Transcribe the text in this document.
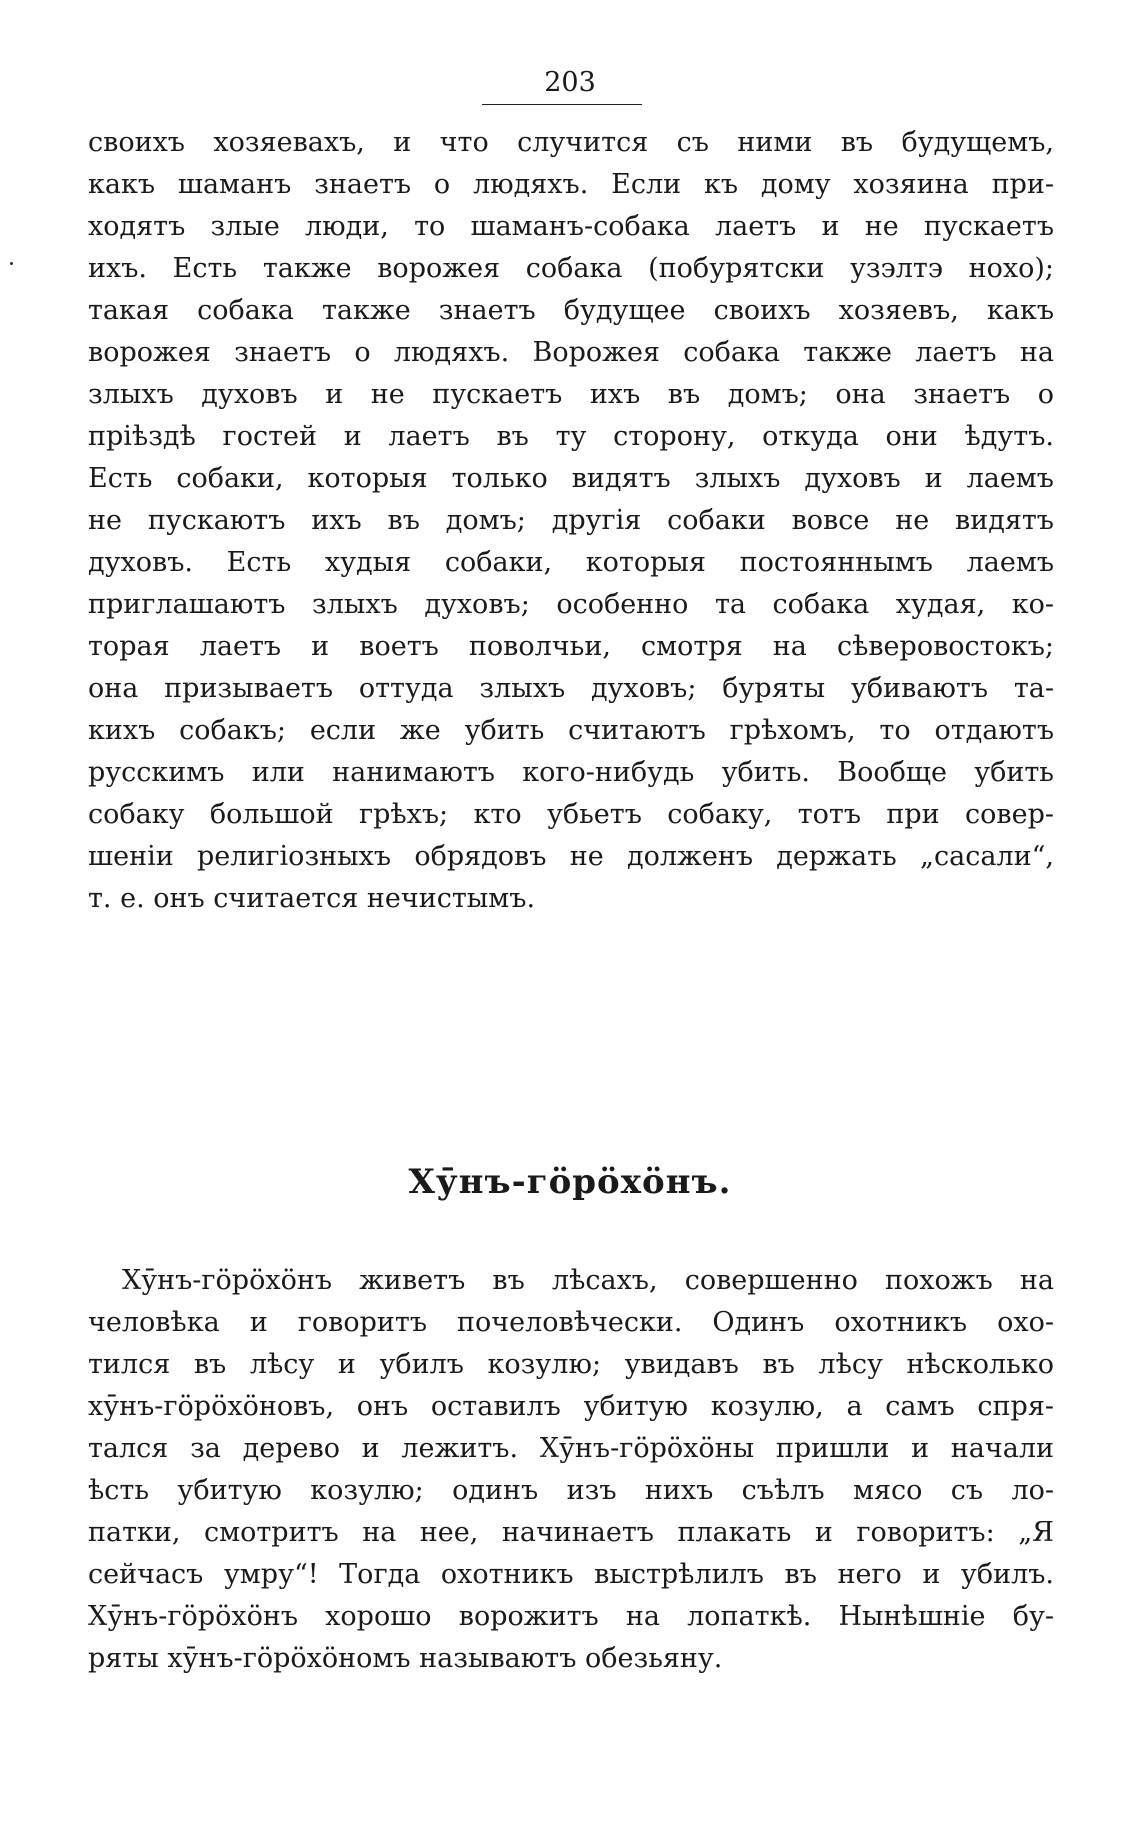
203
своихъ хозяевахъ, и что случится съ ними въ будущемъ,
какъ шаманъ знаетъ о людяхъ. Если къ дому хозяина при-
ходятъ злые люди, то шаманъ-собака лаетъ и не пускаетъ
ихъ. Есть также ворожея собака (побурятски узэлтэ нохо);
такая собака также знаетъ будущее своихъ хозяевъ, какъ
ворожея знаетъ о людяхъ. Ворожея собака также лаетъ на
злыхъ духовъ и не пускаетъ ихъ въ домъ; она знаетъ о
прiѣздѣ гостей и лаетъ въ ту сторону, откуда они ѣдутъ.
Есть собаки, которыя только видятъ злыхъ духовъ и лаемъ
не пускаютъ ихъ въ домъ; другiя собаки вовсе не видятъ
духовъ. Есть худыя собаки, которыя постояннымъ лаемъ
приглашаютъ злыхъ духовъ; особенно та собака худая, ко-
торая лаетъ и воетъ поволчьи, смотря на сѣверовостокъ;
она призываетъ оттуда злыхъ духовъ; буряты убиваютъ та-
кихъ собакъ; если же убить считаютъ грѣхомъ, то отдаютъ
русскимъ или нанимаютъ кого-нибудь убить. Вообще убить
собаку большой грѣхъ; кто убьетъ собаку, тотъ при совер-
шенiи религiозныхъ обрядовъ не долженъ держать „сасали“,
т. е. онъ считается нечистымъ.
Хӯнъ-гӧрӧхӧнъ.
Хӯнъ-гӧрӧхӧнъ живетъ въ лѣсахъ, совершенно похожъ на
человѣка и говоритъ почеловѣчески. Одинъ охотникъ охо-
тился въ лѣсу и убилъ козулю; увидавъ въ лѣсу нѣсколько
хӯнъ-гӧрӧхӧновъ, онъ оставилъ убитую козулю, а самъ спря-
тался за дерево и лежитъ. Хӯнъ-гӧрӧхӧны пришли и начали
ѣсть убитую козулю; одинъ изъ нихъ съѣлъ мясо съ ло-
патки, смотритъ на нее, начинаетъ плакать и говоритъ: „Я
сейчасъ умру“! Тогда охотникъ выстрѣлилъ въ него и убилъ.
Хӯнъ-гӧрӧхӧнъ хорошо ворожитъ на лопаткѣ. Нынѣшнiе бу-
ряты хӯнъ-гӧрӧхӧномъ называютъ обезьяну.
